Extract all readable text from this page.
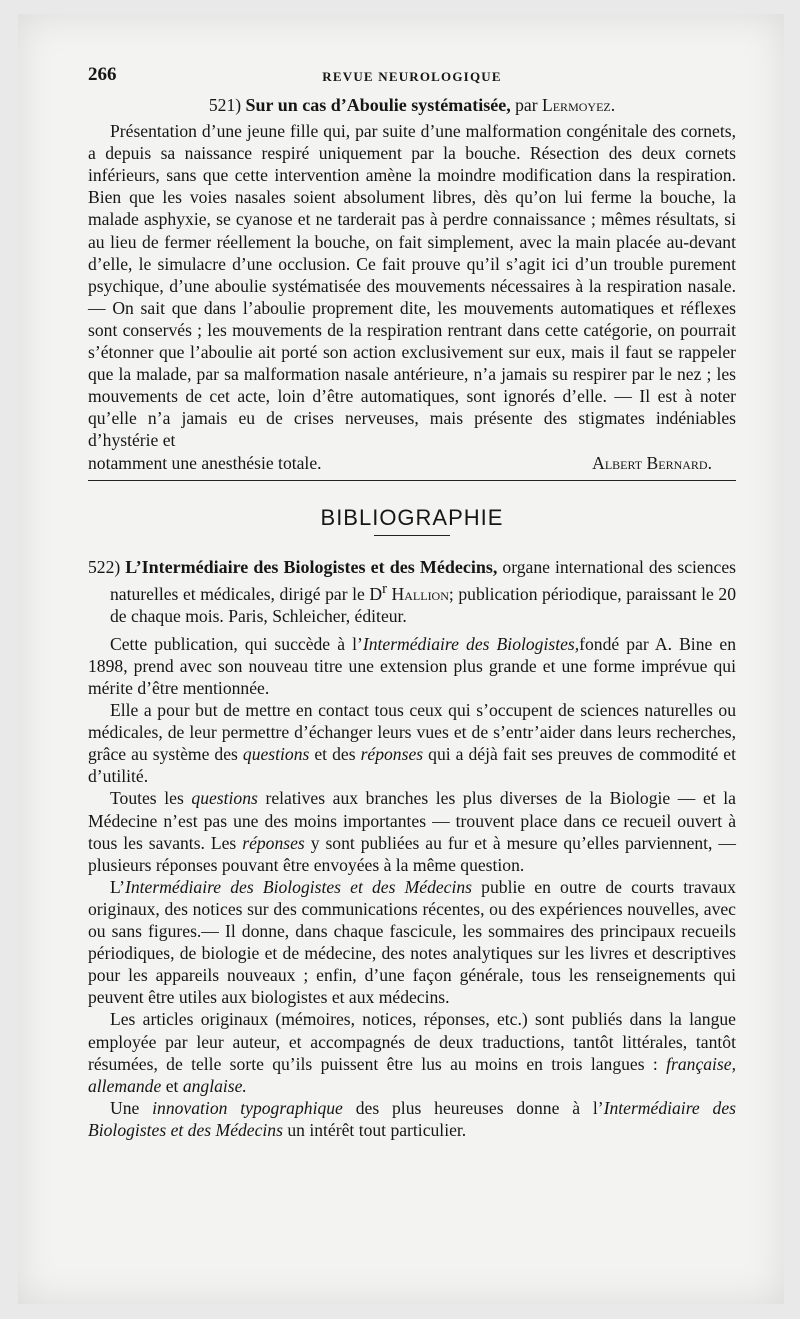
266	REVUE NEUROLOGIQUE
521) Sur un cas d’Aboulie systématisée, par Lermoyez.

Présentation d’une jeune fille qui, par suite d’une malformation congénitale des cornets, a depuis sa naissance respiré uniquement par la bouche. Résection des deux cornets inférieurs, sans que cette intervention amène la moindre modification dans la respiration. Bien que les voies nasales soient absolument libres, dès qu’on lui ferme la bouche, la malade asphyxie, se cyanose et ne tarderait pas à perdre connaissance ; mêmes résultats, si au lieu de fermer réellement la bouche, on fait simplement, avec la main placée au-devant d’elle, le simulacre d’une occlusion. Ce fait prouve qu’il s’agit ici d’un trouble purement psychique, d’une aboulie systématisée des mouvements nécessaires à la respiration nasale. — On sait que dans l’aboulie proprement dite, les mouvements automatiques et réflexes sont conservés ; les mouvements de la respiration rentrant dans cette catégorie, on pourrait s’étonner que l’aboulie ait porté son action exclusivement sur eux, mais il faut se rappeler que la malade, par sa malformation nasale antérieure, n’a jamais su respirer par le nez ; les mouvements de cet acte, loin d’être automatiques, sont ignorés d’elle. — Il est à noter qu’elle n’a jamais eu de crises nerveuses, mais présente des stigmates indéniables d’hystérie et

notamment une anesthésie totale.	Albert Bernard.
BIBLIOGRAPHIE
522) L’Intermédiaire des Biologistes et des Médecins, organe international des sciences naturelles et médicales, dirigé par le $D^r$ Hallion; publication périodique, paraissant le 20 de chaque mois. Paris, Schleicher, éditeur.

Cette publication, qui succède à l’Intermédiaire des Biologistes,fondé par A. Bine en 1898, prend avec son nouveau titre une extension plus grande et une forme imprévue qui mérite d’être mentionnée.

Elle a pour but de mettre en contact tous ceux qui s’occupent de sciences naturelles ou médicales, de leur permettre d’échanger leurs vues et de s’entr’aider dans leurs recherches, grâce au système des questions et des réponses qui a déjà fait ses preuves de commodité et d’utilité.

Toutes les questions relatives aux branches les plus diverses de la Biologie — et la Médecine n’est pas une des moins importantes — trouvent place dans ce recueil ouvert à tous les savants. Les réponses y sont publiées au fur et à mesure qu’elles parviennent, — plusieurs réponses pouvant être envoyées à la même question.

L’Intermédiaire des Biologistes et des Médecins publie en outre de courts travaux originaux, des notices sur des communications récentes, ou des expériences nouvelles, avec ou sans figures.— Il donne, dans chaque fascicule, les sommaires des principaux recueils périodiques, de biologie et de médecine, des notes analytiques sur les livres et descriptives pour les appareils nouveaux ; enfin, d’une façon générale, tous les renseignements qui peuvent être utiles aux biologistes et aux médecins.

Les articles originaux (mémoires, notices, réponses, etc.) sont publiés dans la langue employée par leur auteur, et accompagnés de deux traductions, tantôt littérales, tantôt résumées, de telle sorte qu’ils puissent être lus au moins en trois langues : française, allemande et anglaise.

Une innovation typographique des plus heureuses donne à l’Intermédiaire des Biologistes et des Médecins un intérêt tout particulier.
